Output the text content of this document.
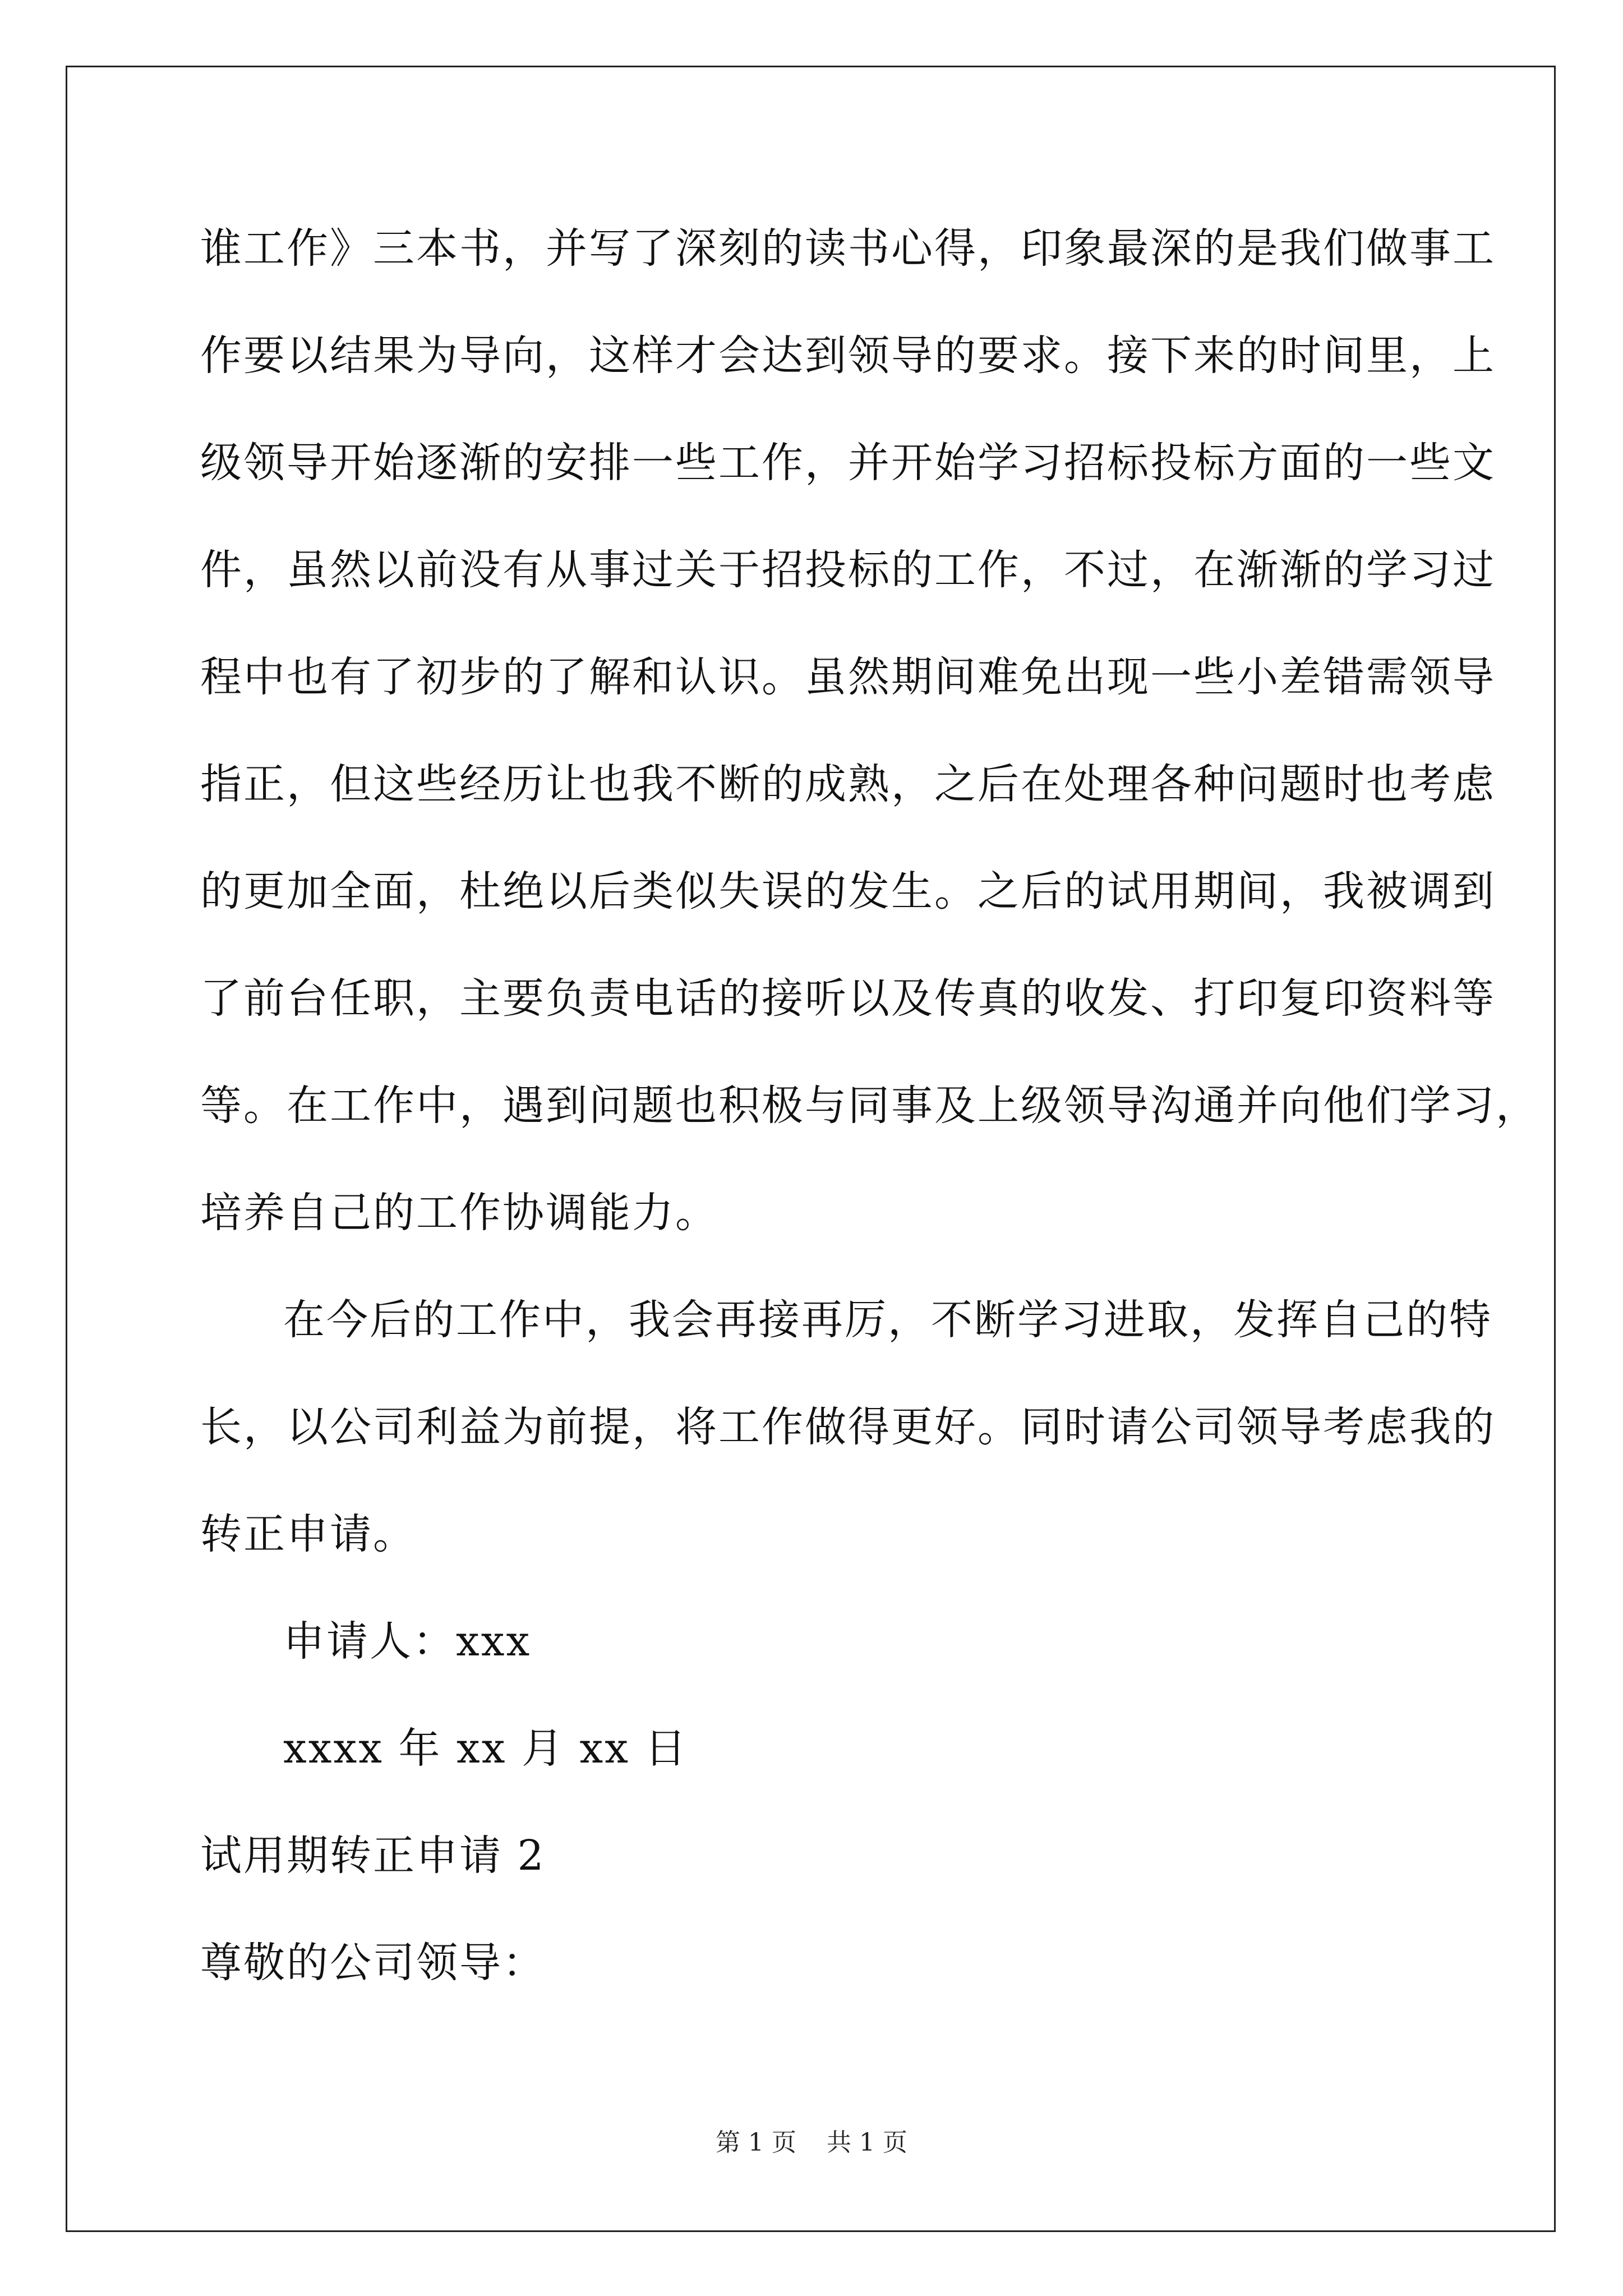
谁工作》三本书，并写了深刻的读书心得，印象最深的是我们做事工
作要以结果为导向，这样才会达到领导的要求。接下来的时间里，上
级领导开始逐渐的安排一些工作，并开始学习招标投标方面的一些文
件，虽然以前没有从事过关于招投标的工作，不过，在渐渐的学习过
程中也有了初步的了解和认识。虽然期间难免出现一些小差错需领导
指正，但这些经历让也我不断的成熟，之后在处理各种问题时也考虑
的更加全面，杜绝以后类似失误的发生。之后的试用期间，我被调到
了前台任职，主要负责电话的接听以及传真的收发、打印复印资料等
等。在工作中，遇到问题也积极与同事及上级领导沟通并向他们学习，
培养自己的工作协调能力。
在今后的工作中，我会再接再厉，不断学习进取，发挥自己的特
长，以公司利益为前提，将工作做得更好。同时请公司领导考虑我的
转正申请。
申请人：xxx
xxxx 年 xx 月 xx 日
试用期转正申请 2
尊敬的公司领导：
第 1 页 共 1 页
